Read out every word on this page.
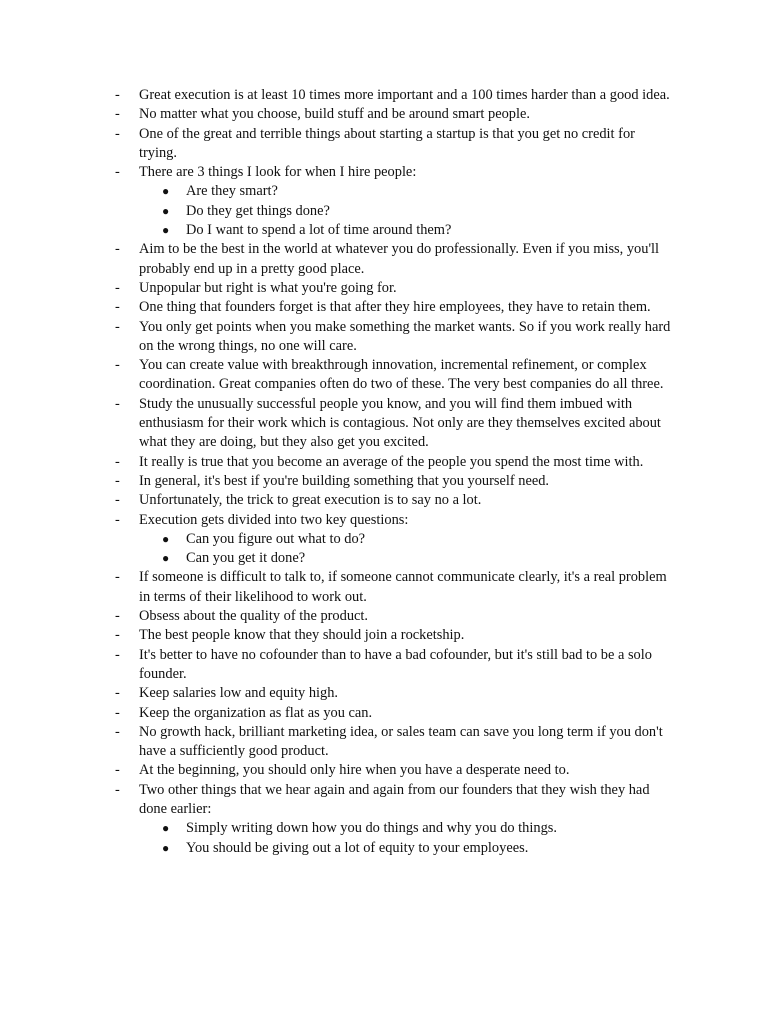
- Great execution is at least 10 times more important and a 100 times harder than a good idea.
- No matter what you choose, build stuff and be around smart people.
- One of the great and terrible things about starting a startup is that you get no credit for trying.
- There are 3 things I look for when I hire people:
● Are they smart?
● Do they get things done?
● Do I want to spend a lot of time around them?
- Aim to be the best in the world at whatever you do professionally. Even if you miss, you'll probably end up in a pretty good place.
- Unpopular but right is what you're going for.
- One thing that founders forget is that after they hire employees, they have to retain them.
- You only get points when you make something the market wants. So if you work really hard on the wrong things, no one will care.
- You can create value with breakthrough innovation, incremental refinement, or complex coordination. Great companies often do two of these. The very best companies do all three.
- Study the unusually successful people you know, and you will find them imbued with enthusiasm for their work which is contagious. Not only are they themselves excited about what they are doing, but they also get you excited.
- It really is true that you become an average of the people you spend the most time with.
- In general, it's best if you're building something that you yourself need.
- Unfortunately, the trick to great execution is to say no a lot.
- Execution gets divided into two key questions:
● Can you figure out what to do?
● Can you get it done?
- If someone is difficult to talk to, if someone cannot communicate clearly, it's a real problem in terms of their likelihood to work out.
- Obsess about the quality of the product.
- The best people know that they should join a rocketship.
- It's better to have no cofounder than to have a bad cofounder, but it's still bad to be a solo founder.
- Keep salaries low and equity high.
- Keep the organization as flat as you can.
- No growth hack, brilliant marketing idea, or sales team can save you long term if you don't have a sufficiently good product.
- At the beginning, you should only hire when you have a desperate need to.
- Two other things that we hear again and again from our founders that they wish they had done earlier:
● Simply writing down how you do things and why you do things.
● You should be giving out a lot of equity to your employees.
